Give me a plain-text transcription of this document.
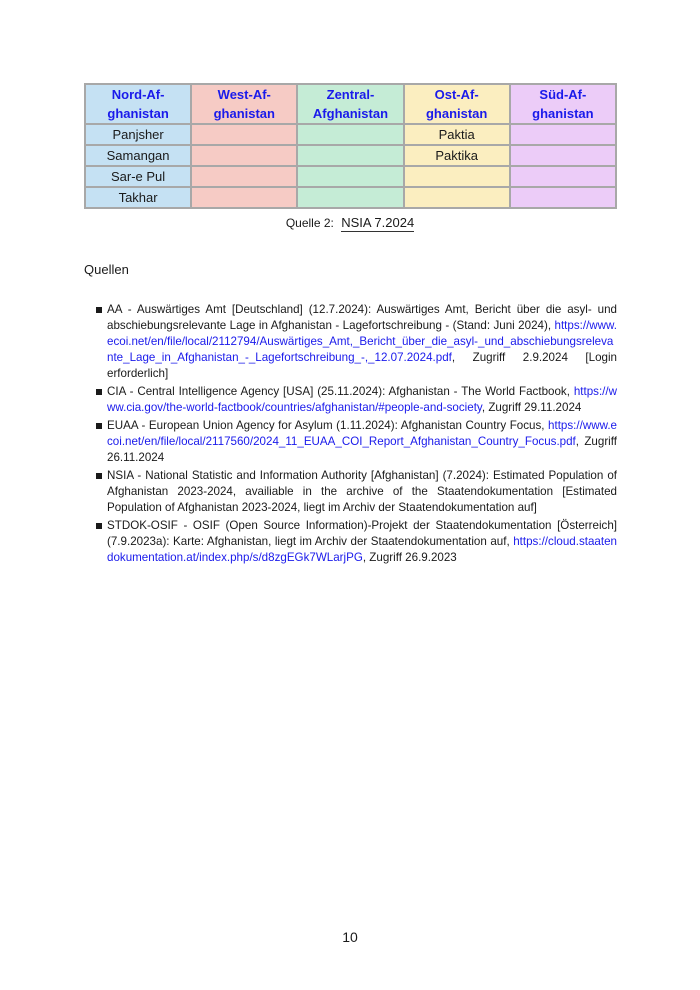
Nord-Af-
ghanistan	West-Af-
ghanistan	Zentral-
Afghanistan	Ost-Af-
ghanistan	Süd-Af-
ghanistan
Panjsher			Paktia	
Samangan			Paktika	
Sar-e Pul				
Takhar				
Quelle 2: NSIA 7.2024
Quellen
AA - Auswärtiges Amt [Deutschland] (12.7.2024): Auswärtiges Amt, Bericht über die asyl- und abschiebungsrelevante Lage in Afghanistan - Lagefortschreibung - (Stand: Juni 2024), https://www.ecoi.net/en/file/local/2112794/Auswärtiges_Amt,_Bericht_über_die_asyl-_und_abschiebungsrelevante_Lage_in_Afghanistan_-_Lagefortschreibung_-,_12.07.2024.pdf, Zugriff 2.9.2024 [Login erforderlich]
CIA - Central Intelligence Agency [USA] (25.11.2024): Afghanistan - The World Factbook, https://www.cia.gov/the-world-factbook/countries/afghanistan/#people-and-society, Zugriff 29.11.2024
EUAA - European Union Agency for Asylum (1.11.2024): Afghanistan Country Focus, https://www.ecoi.net/en/file/local/2117560/2024_11_EUAA_COI_Report_Afghanistan_Country_Focus.pdf, Zugriff 26.11.2024
NSIA - National Statistic and Information Authority [Afghanistan] (7.2024): Estimated Population of Afghanistan 2023-2024, availiable in the archive of the Staatendokumentation [Estimated Population of Afghanistan 2023-2024, liegt im Archiv der Staatendokumentation auf]
STDOK-OSIF - OSIF (Open Source Information)-Projekt der Staatendokumentation [Österreich] (7.9.2023a): Karte: Afghanistan, liegt im Archiv der Staatendokumentation auf, https://cloud.staatendokumentation.at/index.php/s/d8zgEGk7WLarjPG, Zugriff 26.9.2023
10
